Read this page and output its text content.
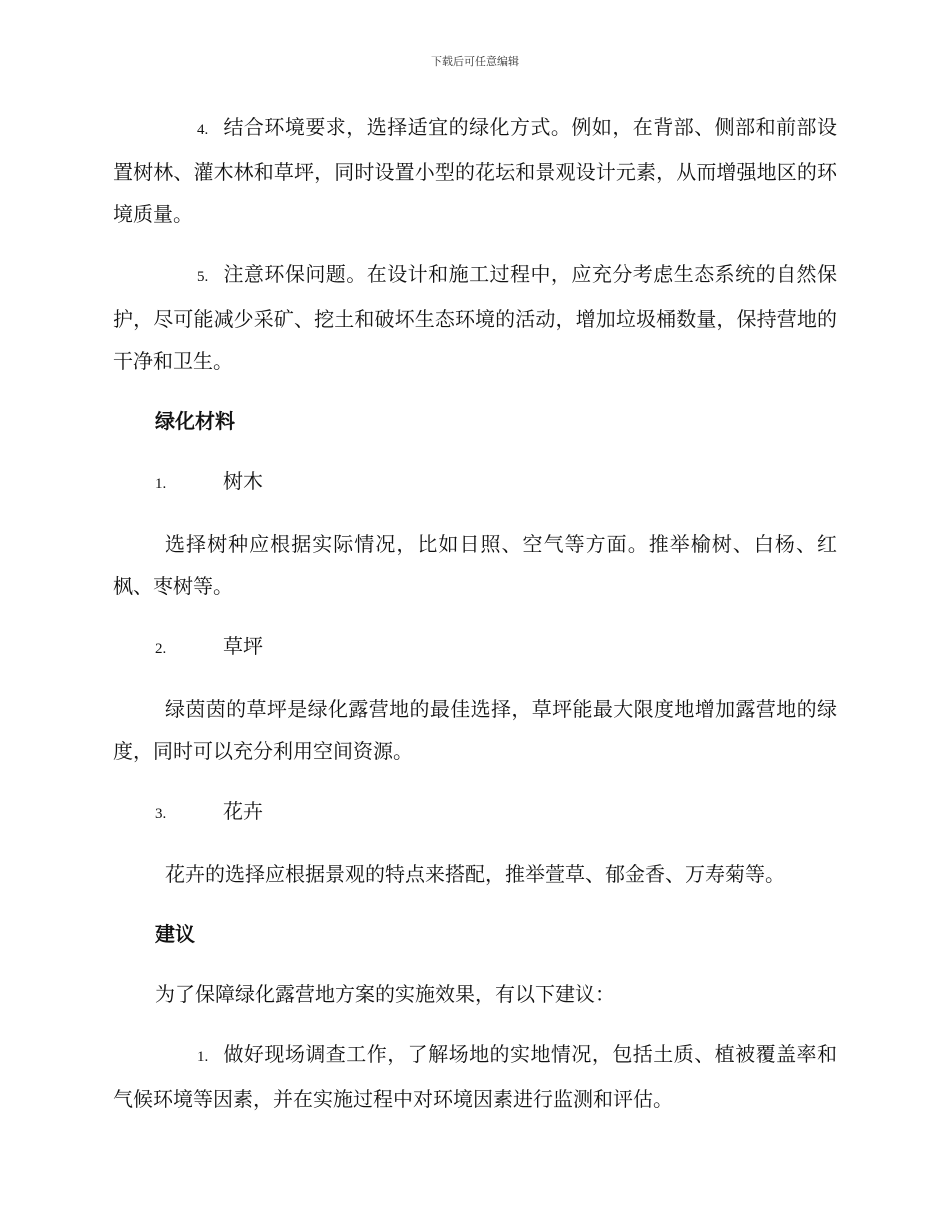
下载后可任意编辑

4. 结合环境要求，选择适宜的绿化方式。例如，在背部、侧部和前部设置树林、灌木林和草坪，同时设置小型的花坛和景观设计元素，从而增强地区的环境质量。

5. 注意环保问题。在设计和施工过程中，应充分考虑生态系统的自然保护，尽可能减少采矿、挖土和破坏生态环境的活动，增加垃圾桶数量，保持营地的干净和卫生。

绿化材料
1.	树木

选择树种应根据实际情况，比如日照、空气等方面。推举榆树、白杨、红枫、枣树等。

2.	草坪

绿茵茵的草坪是绿化露营地的最佳选择，草坪能最大限度地增加露营地的绿度，同时可以充分利用空间资源。

3.	花卉

花卉的选择应根据景观的特点来搭配，推举萱草、郁金香、万寿菊等。

建议

为了保障绿化露营地方案的实施效果，有以下建议：

1. 做好现场调查工作，了解场地的实地情况，包括土质、植被覆盖率和气候环境等因素，并在实施过程中对环境因素进行监测和评估。
